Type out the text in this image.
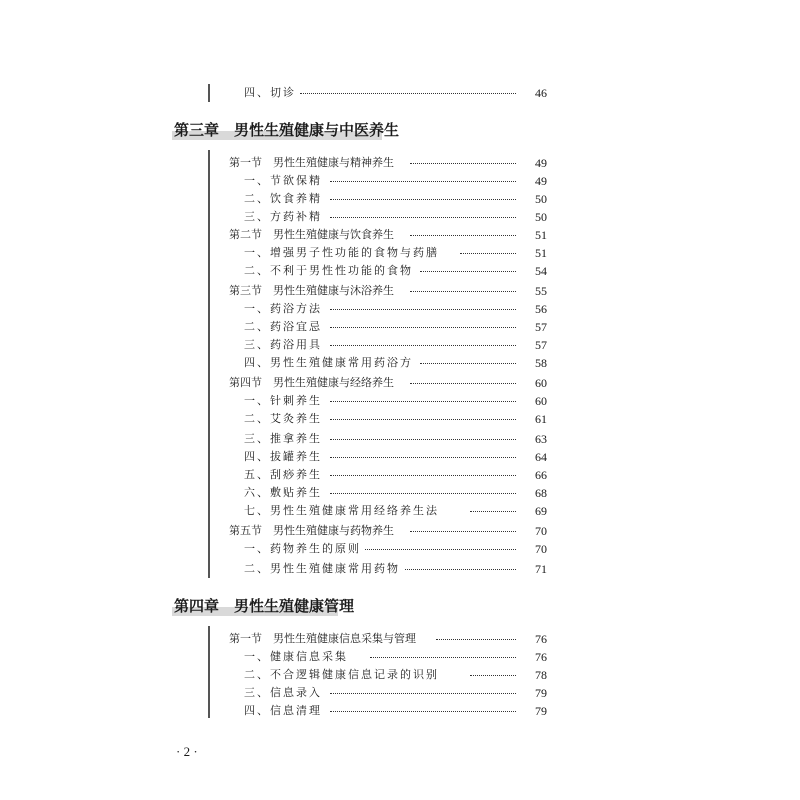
四、切诊	46
第三章　男性生殖健康与中医养生
第一节　男性生殖健康与精神养生	49
一、节欲保精	49
二、饮食养精	50
三、方药补精	50
第二节　男性生殖健康与饮食养生	51
一、增强男子性功能的食物与药膳	51
二、不利于男性性功能的食物	54
第三节　男性生殖健康与沐浴养生	55
一、药浴方法	56
二、药浴宜忌	57
三、药浴用具	57
四、男性生殖健康常用药浴方	58
第四节　男性生殖健康与经络养生	60
一、针刺养生	60
二、艾灸养生	61
三、推拿养生	63
四、拔罐养生	64
五、刮痧养生	66
六、敷贴养生	68
七、男性生殖健康常用经络养生法	69
第五节　男性生殖健康与药物养生	70
一、药物养生的原则	70
二、男性生殖健康常用药物	71
第四章　男性生殖健康管理
第一节　男性生殖健康信息采集与管理	76
一、健康信息采集	76
二、不合逻辑健康信息记录的识别	78
三、信息录入	79
四、信息清理	79
· 2 ·
